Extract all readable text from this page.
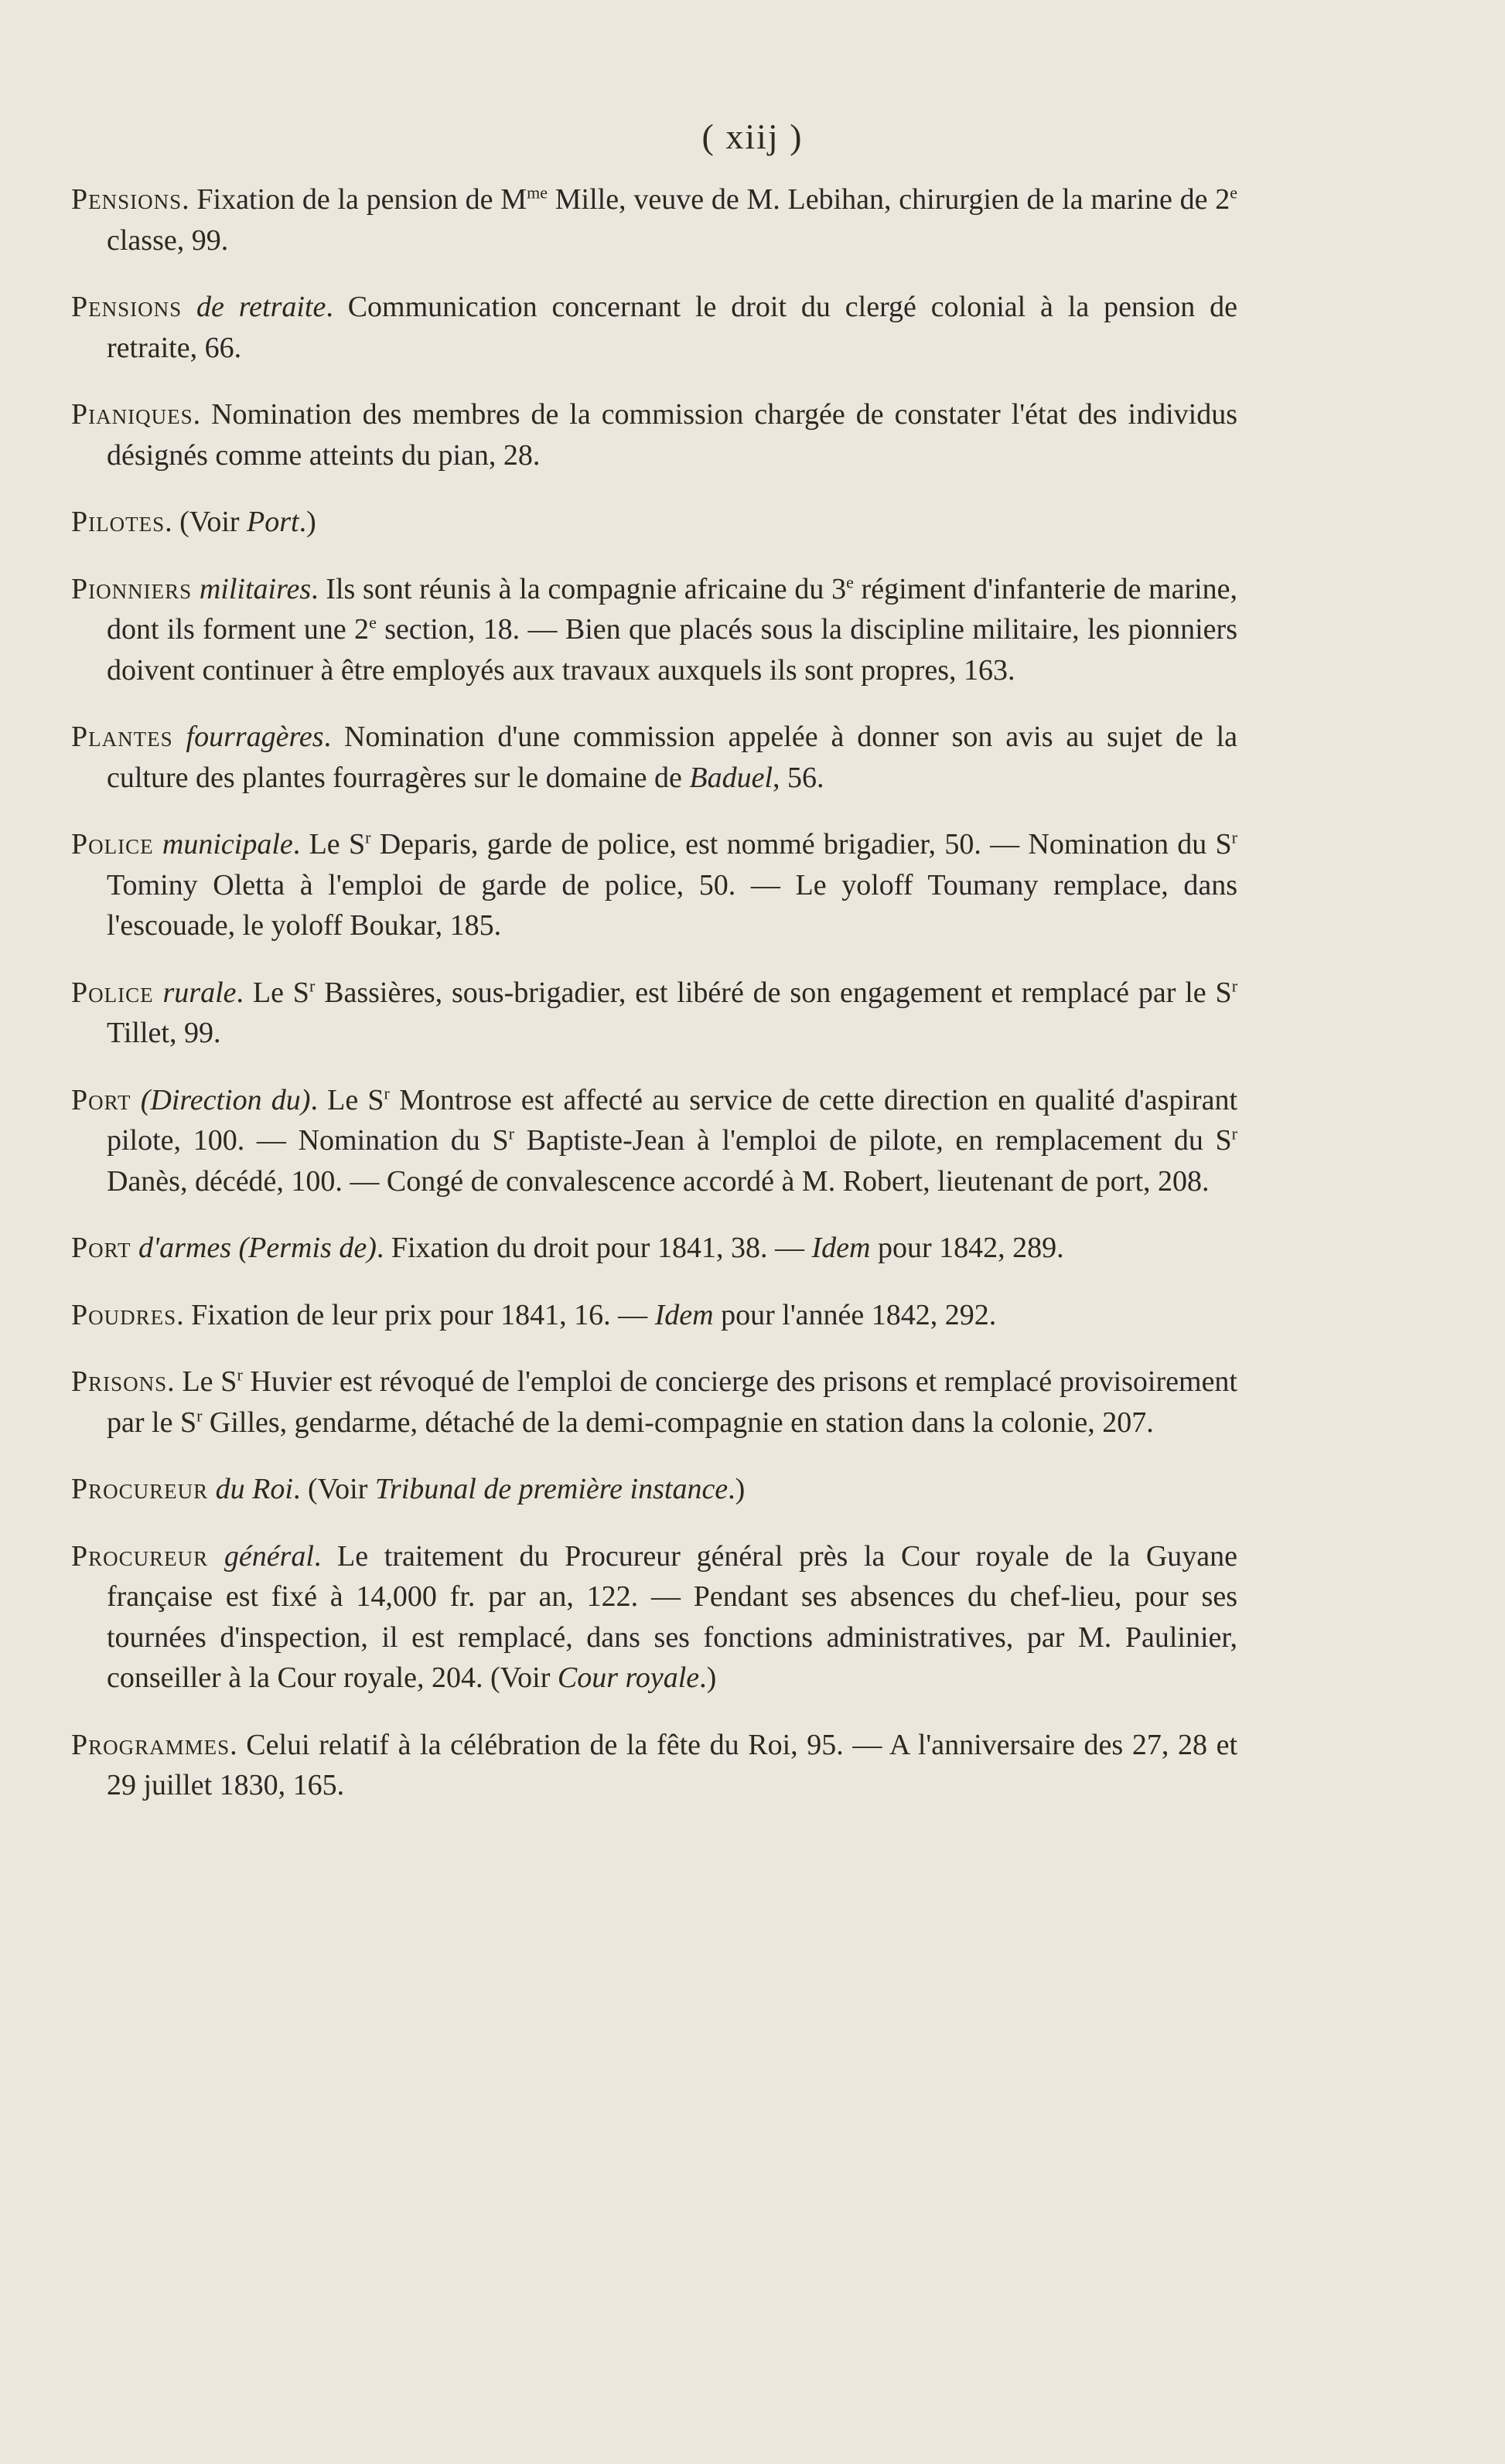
( xiij )

Pensions. Fixation de la pension de $M^{me}$ Mille, veuve de M. Lebihan, chirurgien de la marine de 2e classe, 99.

Pensions de retraite. Communication concernant le droit du clergé colonial à la pension de retraite, 66.

Pianiques. Nomination des membres de la commission chargée de constater l'état des individus désignés comme atteints du pian, 28.

Pilotes. (Voir Port.)

Pionniers militaires. Ils sont réunis à la compagnie africaine du 3e régiment d'infanterie de marine, dont ils forment une 2e section, 18. — Bien que placés sous la discipline militaire, les pionniers doivent continuer à être employés aux travaux auxquels ils sont propres, 163.

Plantes fourragères. Nomination d'une commission appelée à donner son avis au sujet de la culture des plantes fourragères sur le domaine de Baduel, 56.

Police municipale. Le $S^r$ Deparis, garde de police, est nommé brigadier, 50. — Nomination du $S^r$ Tominy Oletta à l'emploi de garde de police, 50. — Le yoloff Toumany remplace, dans l'escouade, le yoloff Boukar, 185.

Police rurale. Le $S^r$ Bassières, sous-brigadier, est libéré de son engagement et remplacé par le $S^r$ Tillet, 99.

Port (Direction du). Le $S^r$ Montrose est affecté au service de cette direction en qualité d'aspirant pilote, 100. — Nomination du $S^r$ Baptiste-Jean à l'emploi de pilote, en remplacement du $S^r$ Danès, décédé, 100. — Congé de convalescence accordé à M. Robert, lieutenant de port, 208.

Port d'armes (Permis de). Fixation du droit pour 1841, 38. — Idem pour 1842, 289.

Poudres. Fixation de leur prix pour 1841, 16. — Idem pour l'année 1842, 292.

Prisons. Le $S^r$ Huvier est révoqué de l'emploi de concierge des prisons et remplacé provisoirement par le $S^r$ Gilles, gendarme, détaché de la demi-compagnie en station dans la colonie, 207.

Procureur du Roi. (Voir Tribunal de première instance.)

Procureur général. Le traitement du Procureur général près la Cour royale de la Guyane française est fixé à 14,000 fr. par an, 122. — Pendant ses absences du chef-lieu, pour ses tournées d'inspection, il est remplacé, dans ses fonctions administratives, par M. Paulinier, conseiller à la Cour royale, 204. (Voir Cour royale.)

Programmes. Celui relatif à la célébration de la fête du Roi, 95. — A l'anniversaire des 27, 28 et 29 juillet 1830, 165.
